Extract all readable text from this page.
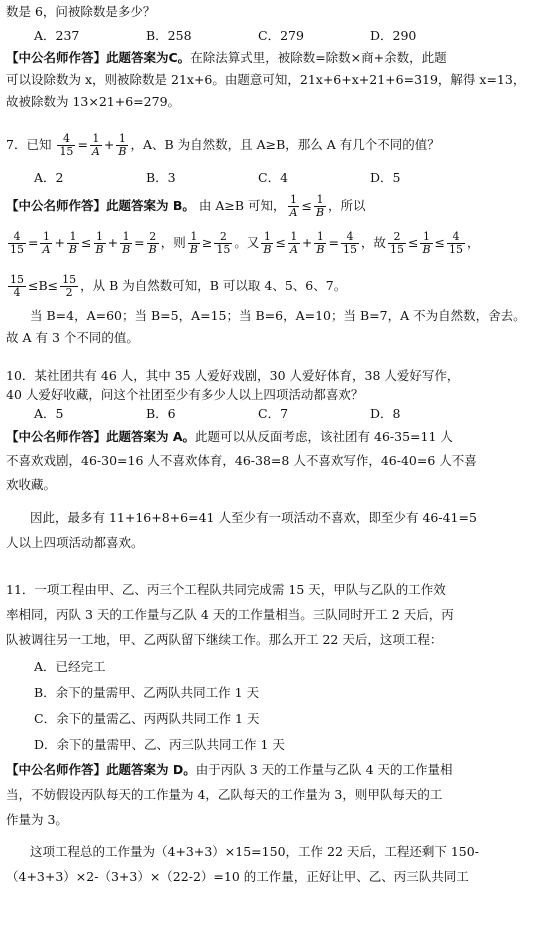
数是 6，问被除数是多少？
A．237	B．258	C．279	D．290
【中公名师作答】此题答案为C。在除法算式里，被除数=除数×商+余数，此题
可以设除数为 x，则被除数是 21x+6。由题意可知，21x+6+x+21+6=319，解得 x=13，
故被除数为 13×21+6=279。
7．已知 $\frac{4}{15} = \frac{1}{A} + \frac{1}{B}$ ，A、B 为自然数，且 A≥B，那么 A 有几个不同的值？
A．2	B．3	C．4	D．5
【中公名师作答】此题答案为 B。 由 A≥B 可知， $\frac{1}{A} \le \frac{1}{B}$ ，所以
$\frac{4}{15} = \frac{1}{A} + \frac{1}{B} \le \frac{1}{B} + \frac{1}{B} = \frac{2}{B}$ ，则 $\frac{1}{B} \ge \frac{2}{15}$ 。又 $\frac{1}{B} \le \frac{1}{A} + \frac{1}{B} = \frac{4}{15}$ ，故 $\frac{2}{15} \le \frac{1}{B} \le \frac{4}{15}$ ，
$\frac{15}{4} \le B\le \frac{15}{2}$ ，从 B 为自然数可知，B 可以取 4、5、6、7。
当 B=4，A=60；当 B=5，A=15；当 B=6，A=10；当 B=7，A 不为自然数，舍去。
故 A 有 3 个不同的值。
10．某社团共有 46 人，其中 35 人爱好戏剧，30 人爱好体育，38 人爱好写作，
40 人爱好收藏，问这个社团至少有多少人以上四项活动都喜欢？
A．5	B．6	C．7	D．8
【中公名师作答】此题答案为 A。此题可以从反面考虑，该社团有 46-35=11 人
不喜欢戏剧，46-30=16 人不喜欢体育，46-38=8 人不喜欢写作，46-40=6 人不喜
欢收藏。
因此，最多有 11+16+8+6=41 人至少有一项活动不喜欢，即至少有 46-41=5
人以上四项活动都喜欢。
11．一项工程由甲、乙、丙三个工程队共同完成需 15 天，甲队与乙队的工作效
率相同，丙队 3 天的工作量与乙队 4 天的工作量相当。三队同时开工 2 天后，丙
队被调往另一工地，甲、乙两队留下继续工作。那么开工 22 天后，这项工程：
A．已经完工
B．余下的量需甲、乙两队共同工作 1 天
C．余下的量需乙、丙两队共同工作 1 天
D．余下的量需甲、乙、丙三队共同工作 1 天
【中公名师作答】此题答案为 D。由于丙队 3 天的工作量与乙队 4 天的工作量相
当，不妨假设丙队每天的工作量为 4，乙队每天的工作量为 3，则甲队每天的工
作量为 3。
这项工程总的工作量为（4+3+3）×15=150，工作 22 天后，工程还剩下 150-
（4+3+3）×2-（3+3）×（22-2）=10 的工作量，正好让甲、乙、丙三队共同工
